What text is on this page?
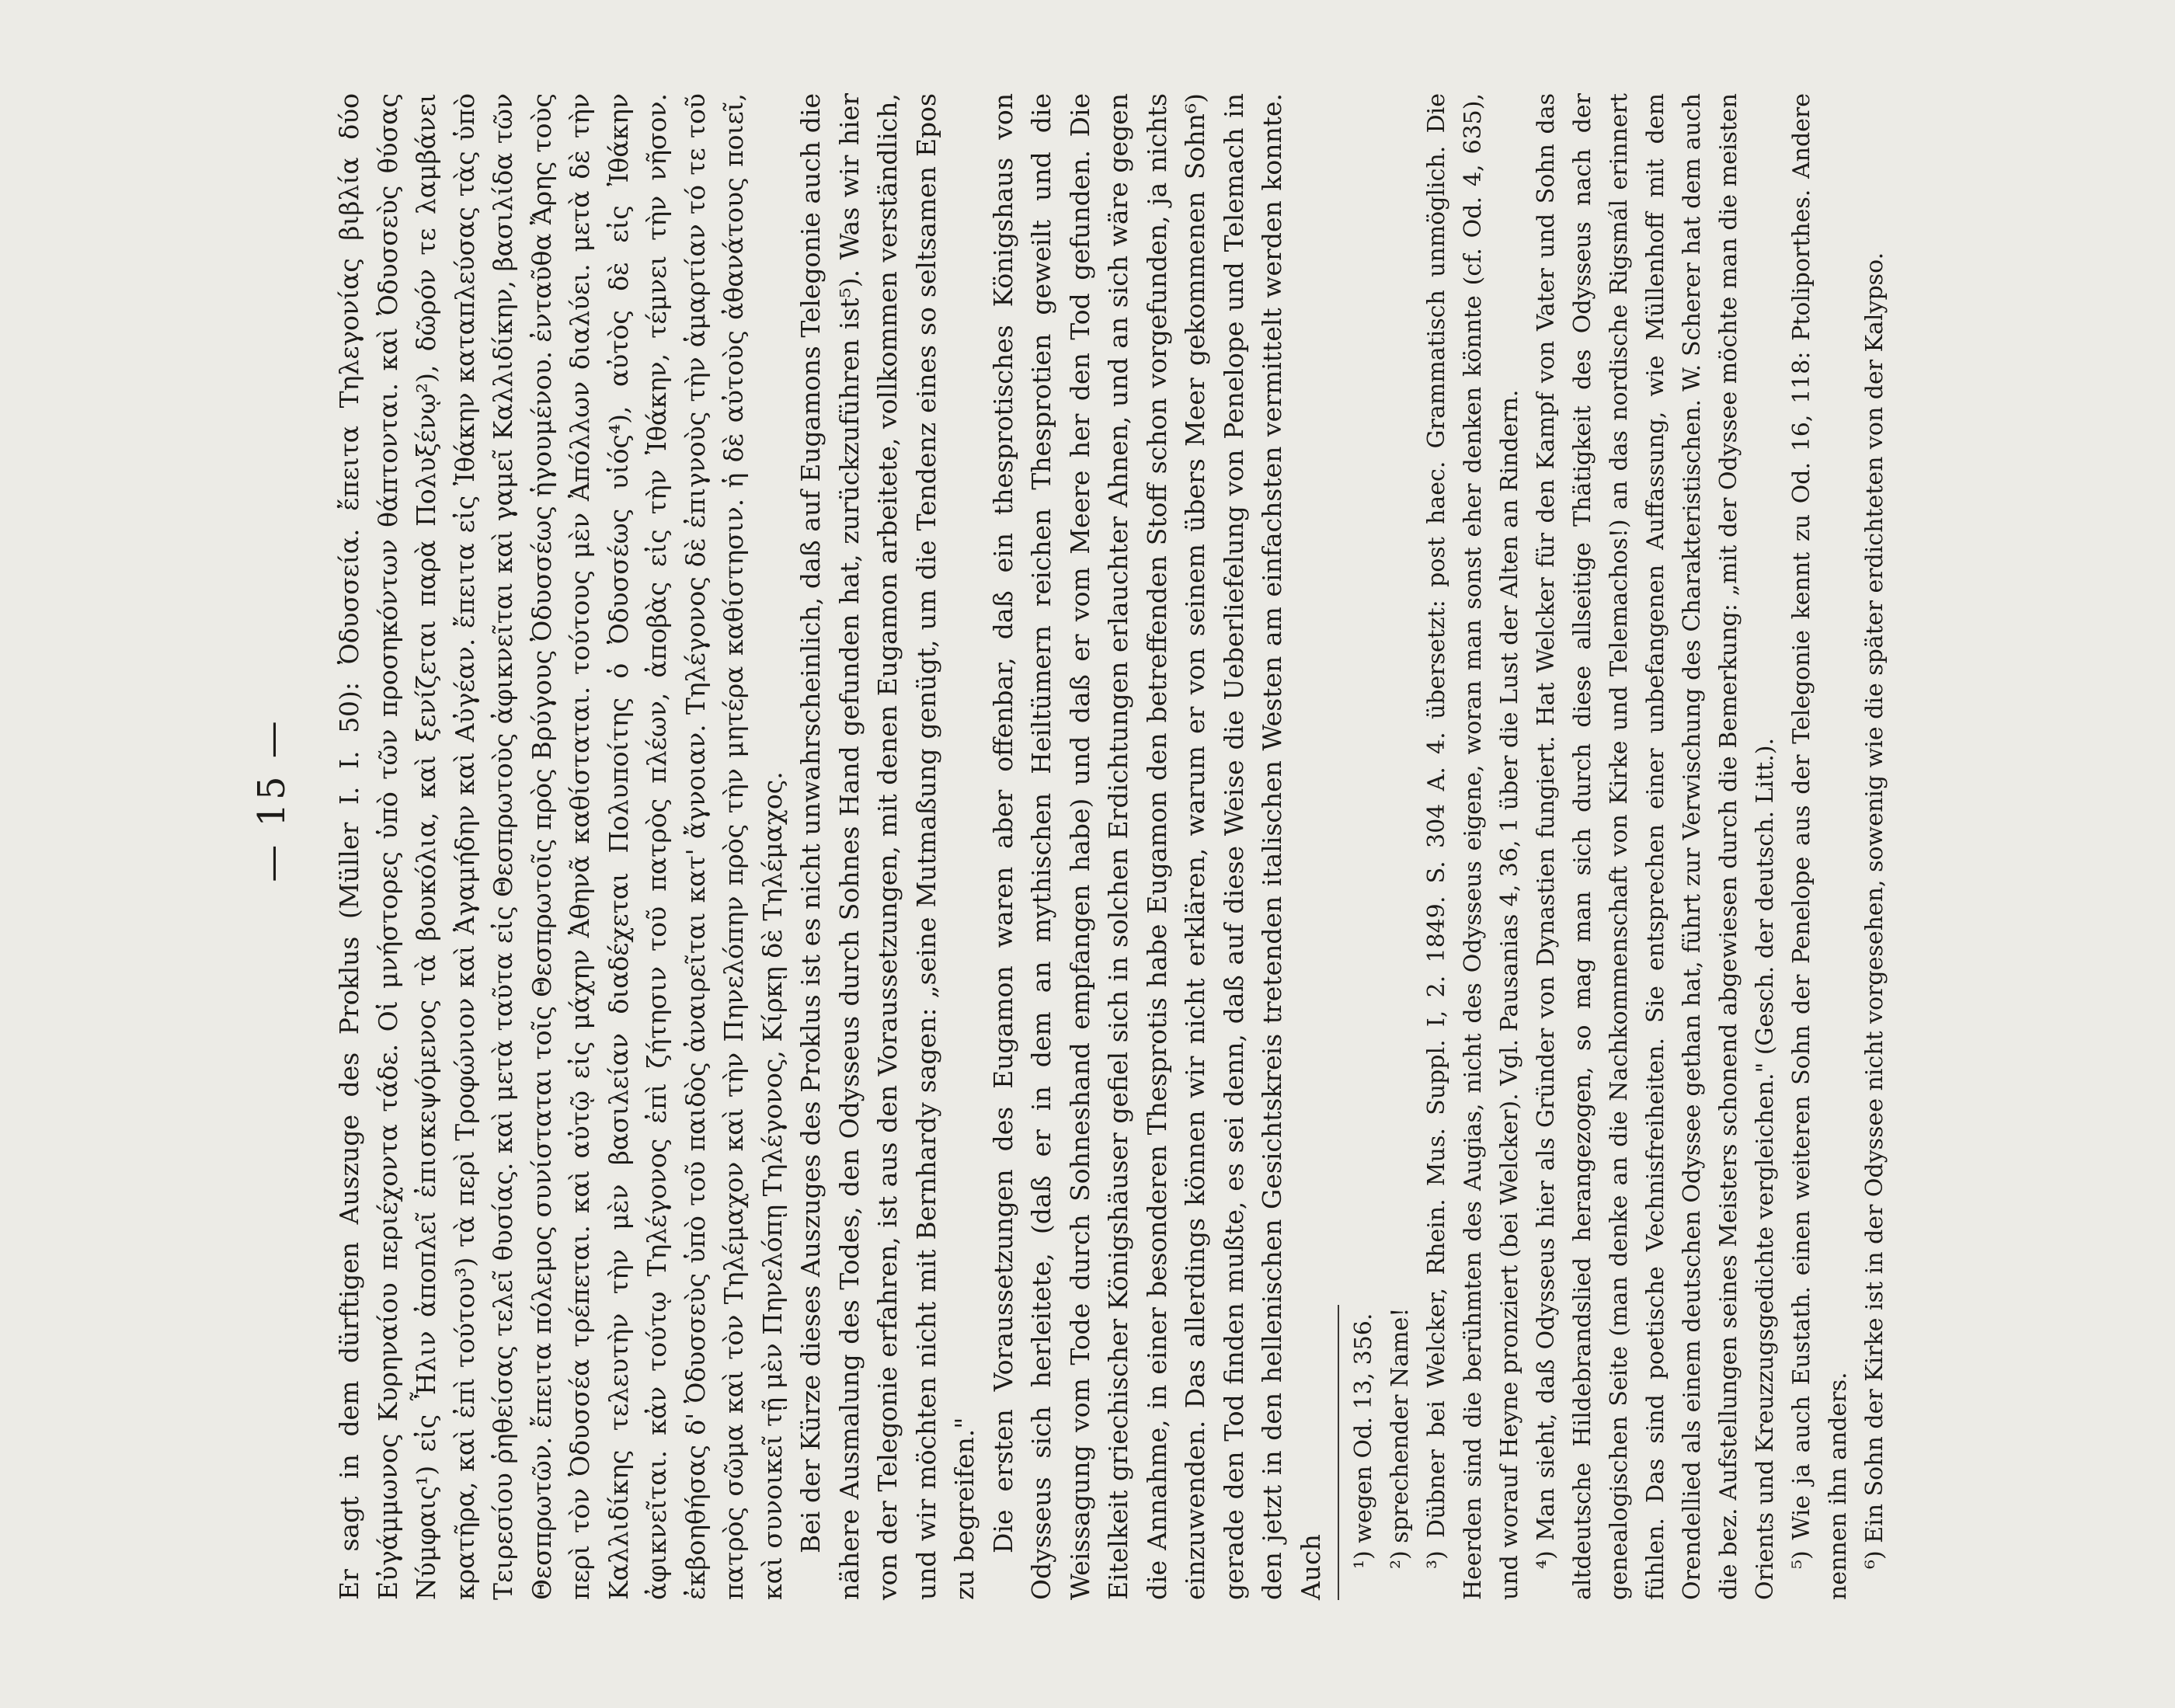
— 15 —	Er sagt in dem dürftigen Auszuge des Proklus (Müller I. I. 50): Ὀδυσσεία. ἔπειτα Τηλεγονίας βιβλία δύο Εὐγάμμωνος Κυρηναίου περιέχοντα τάδε. Οἱ μνήστορες ὑπὸ τῶν προσηκόντων θάπτονται. καὶ Ὀδυσσεὺς θύσας Νύμφαις¹) εἰς Ἦλιν ἀποπλεῖ ἐπισκεψόμενος τὰ βουκόλια, καὶ ξενίζεται παρὰ Πολυξένῳ²), δῶρόν τε λαμβάνει κρατῆρα, καὶ ἐπὶ τούτου³) τὰ περὶ Τροφώνιον καὶ Ἀγαμήδην καὶ Αὐγέαν. ἔπειτα εἰς Ἰθάκην καταπλεύσας τὰς ὑπὸ Τειρεσίου ῥηθείσας τελεῖ θυσίας. καὶ μετὰ ταῦτα εἰς Θεσπρωτοὺς ἀφικνεῖται καὶ γαμεῖ Καλλιδίκην, βασιλίδα τῶν Θεσπρωτῶν. ἔπειτα πόλεμος συνίσταται τοῖς Θεσπρωτοῖς πρὸς Βρύγους Ὀδυσσέως ἡγουμένου. ἐνταῦθα Ἄρης τοὺς περὶ τὸν Ὀδυσσέα τρέπεται. καὶ αὐτῷ εἰς μάχην Ἀθηνᾶ καθίσταται. τούτους μὲν Ἀπόλλων διαλύει. μετὰ δὲ τὴν Καλλιδίκης τελευτὴν τὴν μὲν βασιλείαν διαδέχεται Πολυποίτης ὁ Ὀδυσσέως υἱός⁴), αὐτὸς δὲ εἰς Ἰθάκην ἀφικνεῖται. κἀν τούτῳ Τηλέγονος ἐπὶ ζήτησιν τοῦ πατρὸς πλέων, ἀποβὰς εἰς τὴν Ἰθάκην, τέμνει τὴν νῆσον. ἐκβοηθήσας δ' Ὀδυσσεὺς ὑπὸ τοῦ παιδὸς ἀναιρεῖται κατ' ἄγνοιαν. Τηλέγονος δὲ ἐπιγνοὺς τὴν ἁμαρτίαν τό τε τοῦ πατρὸς σῶμα καὶ τὸν Τηλέμαχον καὶ τὴν Πηνελόπην πρὸς τὴν μητέρα καθίστησιν. ἡ δὲ αὐτοὺς ἀθανάτους ποιεῖ, καὶ συνοικεῖ τῇ μὲν Πηνελόπῃ Τηλέγονος, Κίρκῃ δὲ Τηλέμαχος. Bei der Kürze dieses Auszuges des Proklus ist es nicht unwahrscheinlich, daß auf Eugamons Telegonie auch die nähere Ausmalung des Todes, den Odysseus durch Sohnes Hand gefunden hat, zurückzuführen ist⁵). Was wir hier von der Telegonie erfahren, ist aus den Voraussetzungen, mit denen Eugamon arbeitete, vollkommen verständlich, und wir möchten nicht mit Bernhardy sagen: „seine Mutmaßung genügt, um die Tendenz eines so seltsamen Epos zu begreifen." Die ersten Voraussetzungen des Eugamon waren aber offenbar, daß ein thesprotisches Königshaus von Odysseus sich herleitete, (daß er in dem an mythischen Heiltümern reichen Thesprotien geweilt und die Weissagung vom Tode durch Sohneshand empfangen habe) und daß er vom Meere her den Tod gefunden. Die Eitelkeit griechischer Königshäuser gefiel sich in solchen Erdichtungen erlauchter Ahnen, und an sich wäre gegen die Annahme, in einer besonderen Thesprotis habe Eugamon den betreffenden Stoff schon vorgefunden, ja nichts einzuwenden. Das allerdings können wir nicht erklären, warum er von seinem übers Meer gekommenen Sohn⁶) gerade den Tod finden mußte, es sei denn, daß auf diese Weise die Ueberliefelung von Penelope und Telemach in den jetzt in den hellenischen Gesichtskreis tretenden italischen Westen am einfachsten vermittelt werden konnte. Auch ¹) wegen Od. 13, 356. ²) sprechender Name! ³) Dübner bei Welcker, Rhein. Mus. Suppl. I, 2. 1849. S. 304 A. 4. übersetzt: post haec. Grammatisch unmöglich. Die Heerden sind die berühmten des Augias, nicht des Odysseus eigene, woran man sonst eher denken könnte (cf. Od. 4, 635), und worauf Heyne pronziert (bei Welcker). Vgl. Pausanias 4, 36, 1 über die Lust der Alten an Rindern. ⁴) Man sieht, daß Odysseus hier als Gründer von Dynastien fungiert. Hat Welcker für den Kampf von Vater und Sohn das altdeutsche Hildebrandslied herangezogen, so mag man sich durch diese allseitige Thätigkeit des Odysseus nach der genealogischen Seite (man denke an die Nachkommenschaft von Kirke und Telemachos!) an das nordische Rigsmál erinnert fühlen. Das sind poetische Vechnisfreiheiten. Sie entsprechen einer unbefangenen Auffassung, wie Müllenhoff mit dem Orendellied als einem deutschen Odyssee gethan hat, führt zur Verwischung des Charakteristischen. W. Scherer hat dem auch die bez. Aufstellungen seines Meisters schonend abgewiesen durch die Bemerkung: „mit der Odyssee möchte man die meisten Orients und Kreuzzugsgedichte vergleichen." (Gesch. der deutsch. Litt.). ⁵) Wie ja auch Eustath. einen weiteren Sohn der Penelope aus der Telegonie kennt zu Od. 16, 118: Ptoliporthes. Andere nennen ihn anders. ⁶) Ein Sohn der Kirke ist in der Odyssee nicht vorgesehen, sowenig wie die später erdichteten von der Kalypso.
